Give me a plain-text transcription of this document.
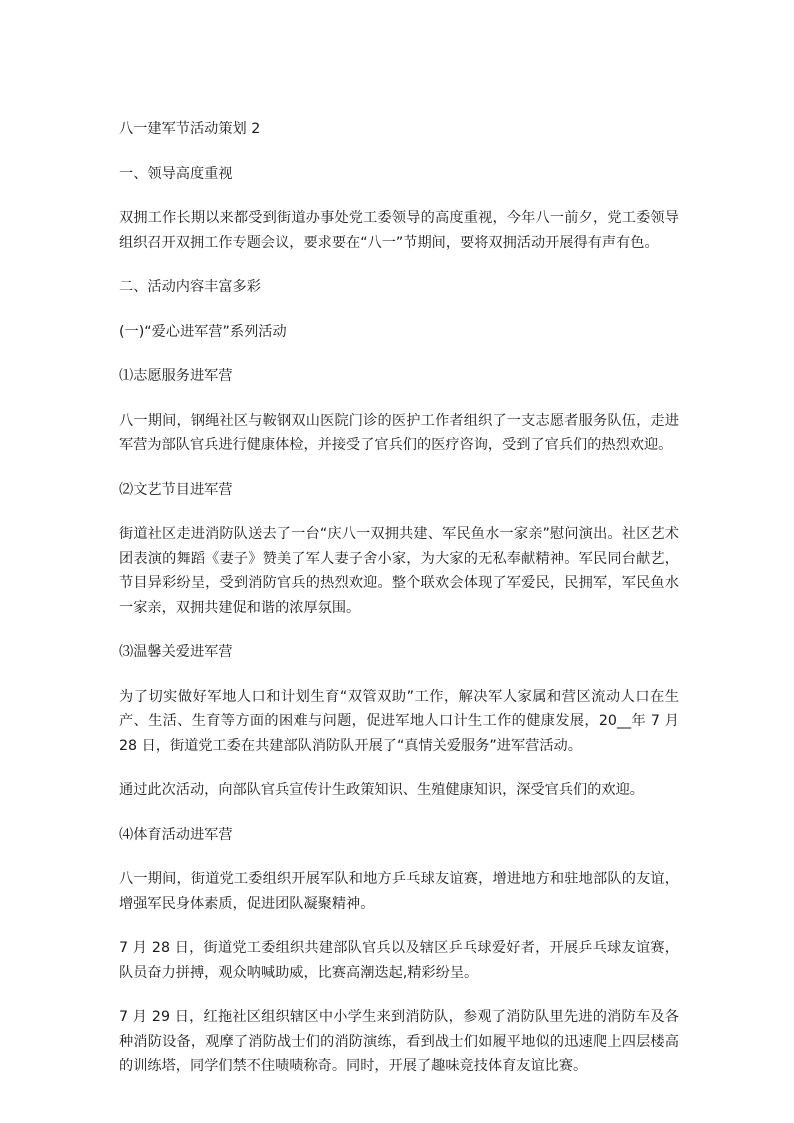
八一建军节活动策划 2

一、领导高度重视

双拥工作长期以来都受到街道办事处党工委领导的高度重视，今年八一前夕，党工委领导组织召开双拥工作专题会议，要求要在“八一”节期间，要将双拥活动开展得有声有色。

二、活动内容丰富多彩

(一)“爱心进军营”系列活动

⑴志愿服务进军营

八一期间，钢绳社区与鞍钢双山医院门诊的医护工作者组织了一支志愿者服务队伍，走进军营为部队官兵进行健康体检，并接受了官兵们的医疗咨询，受到了官兵们的热烈欢迎。

⑵文艺节目进军营

街道社区走进消防队送去了一台“庆八一双拥共建、军民鱼水一家亲”慰问演出。社区艺术团表演的舞蹈《妻子》赞美了军人妻子舍小家，为大家的无私奉献精神。军民同台献艺，节目异彩纷呈，受到消防官兵的热烈欢迎。整个联欢会体现了军爱民，民拥军，军民鱼水一家亲，双拥共建促和谐的浓厚氛围。

⑶温馨关爱进军营

为了切实做好军地人口和计划生育“双管双助”工作，解决军人家属和营区流动人口在生产、生活、生育等方面的困难与问题，促进军地人口计生工作的健康发展，20__年 7 月 28 日，街道党工委在共建部队消防队开展了“真情关爱服务”进军营活动。

通过此次活动，向部队官兵宣传计生政策知识、生殖健康知识，深受官兵们的欢迎。

⑷体育活动进军营

八一期间，街道党工委组织开展军队和地方乒乓球友谊赛，增进地方和驻地部队的友谊，增强军民身体素质，促进团队凝聚精神。

7 月 28 日，街道党工委组织共建部队官兵以及辖区乒乓球爱好者，开展乒乓球友谊赛，队员奋力拼搏，观众呐喊助威，比赛高潮迭起,精彩纷呈。

7 月 29 日，红拖社区组织辖区中小学生来到消防队，参观了消防队里先进的消防车及各种消防设备，观摩了消防战士们的消防演练，看到战士们如履平地似的迅速爬上四层楼高的训练塔，同学们禁不住啧啧称奇。同时，开展了趣味竞技体育友谊比赛。
